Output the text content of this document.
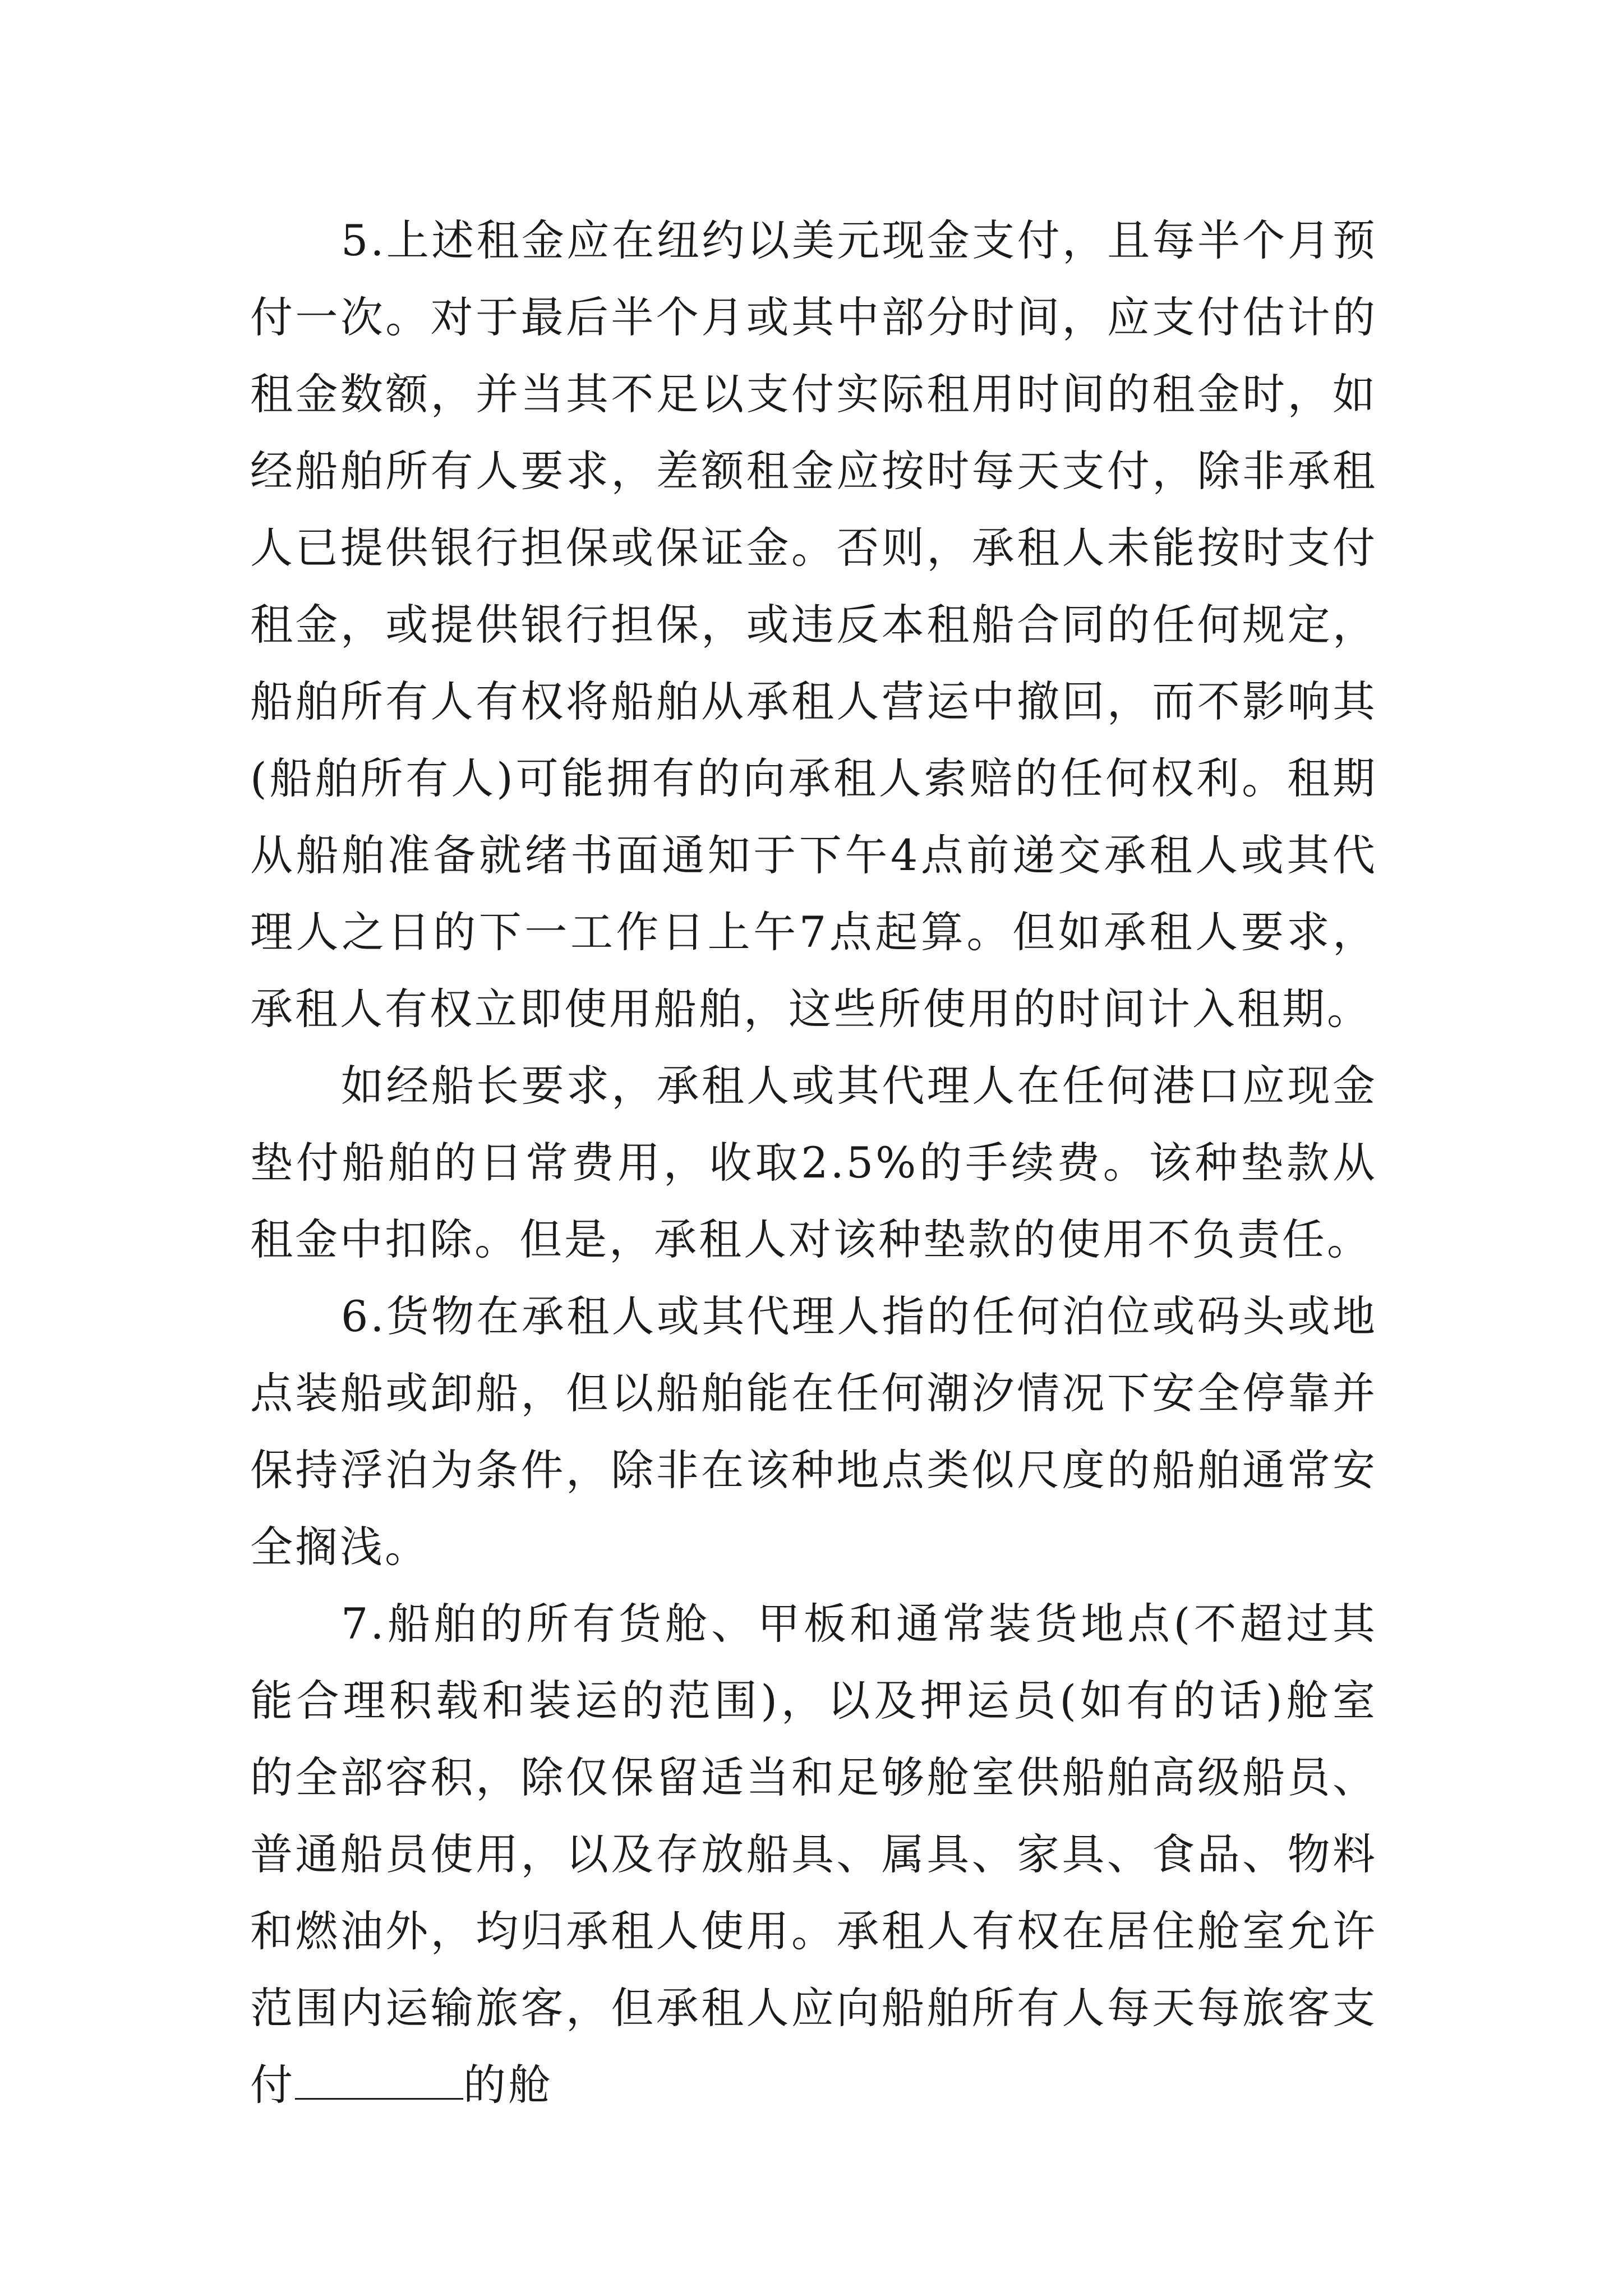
5.上述租金应在纽约以美元现金支付，且每半个月预付一次。对于最后半个月或其中部分时间，应支付估计的租金数额，并当其不足以支付实际租用时间的租金时，如经船舶所有人要求，差额租金应按时每天支付，除非承租人已提供银行担保或保证金。否则，承租人未能按时支付租金，或提供银行担保，或违反本租船合同的任何规定，船舶所有人有权将船舶从承租人营运中撤回，而不影响其(船舶所有人)可能拥有的向承租人索赔的任何权利。租期从船舶准备就绪书面通知于下午4点前递交承租人或其代理人之日的下一工作日上午7点起算。但如承租人要求，承租人有权立即使用船舶，这些所使用的时间计入租期。

如经船长要求，承租人或其代理人在任何港口应现金垫付船舶的日常费用，收取2.5%的手续费。该种垫款从租金中扣除。但是，承租人对该种垫款的使用不负责任。

6.货物在承租人或其代理人指的任何泊位或码头或地点装船或卸船，但以船舶能在任何潮汐情况下安全停靠并保持浮泊为条件，除非在该种地点类似尺度的船舶通常安全搁浅。

7.船舶的所有货舱、甲板和通常装货地点(不超过其能合理积载和装运的范围)，以及押运员(如有的话)舱室的全部容积，除仅保留适当和足够舱室供船舶高级船员、普通船员使用，以及存放船具、属具、家具、食品、物料和燃油外，均归承租人使用。承租人有权在居住舱室允许范围内运输旅客，但承租人应向船舶所有人每天每旅客支付	的舱
